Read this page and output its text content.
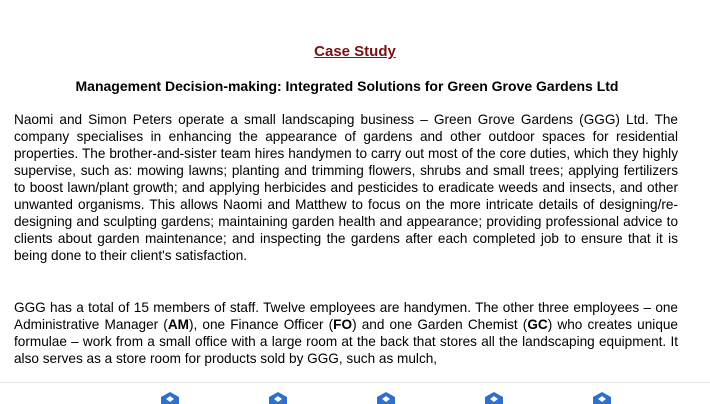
Case Study
Management Decision-making: Integrated Solutions for Green Grove Gardens Ltd

Naomi and Simon Peters operate a small landscaping business – Green Grove Gardens (GGG) Ltd. The company specialises in enhancing the appearance of gardens and other outdoor spaces for residential properties. The brother-and-sister team hires handymen to carry out most of the core duties, which they highly supervise, such as: mowing lawns; planting and trimming flowers, shrubs and small trees; applying fertilizers to boost lawn/plant growth; and applying herbicides and pesticides to eradicate weeds and insects, and other unwanted organisms. This allows Naomi and Matthew to focus on the more intricate details of designing/re-designing and sculpting gardens; maintaining garden health and appearance; providing professional advice to clients about garden maintenance; and inspecting the gardens after each completed job to ensure that it is being done to their client's satisfaction.

GGG has a total of 15 members of staff. Twelve employees are handymen. The other three employees – one Administrative Manager (AM), one Finance Officer (FO) and one Garden Chemist (GC) who creates unique formulae – work from a small office with a large room at the back that stores all the landscaping equipment. It also serves as a store room for products sold by GGG, such as mulch,
